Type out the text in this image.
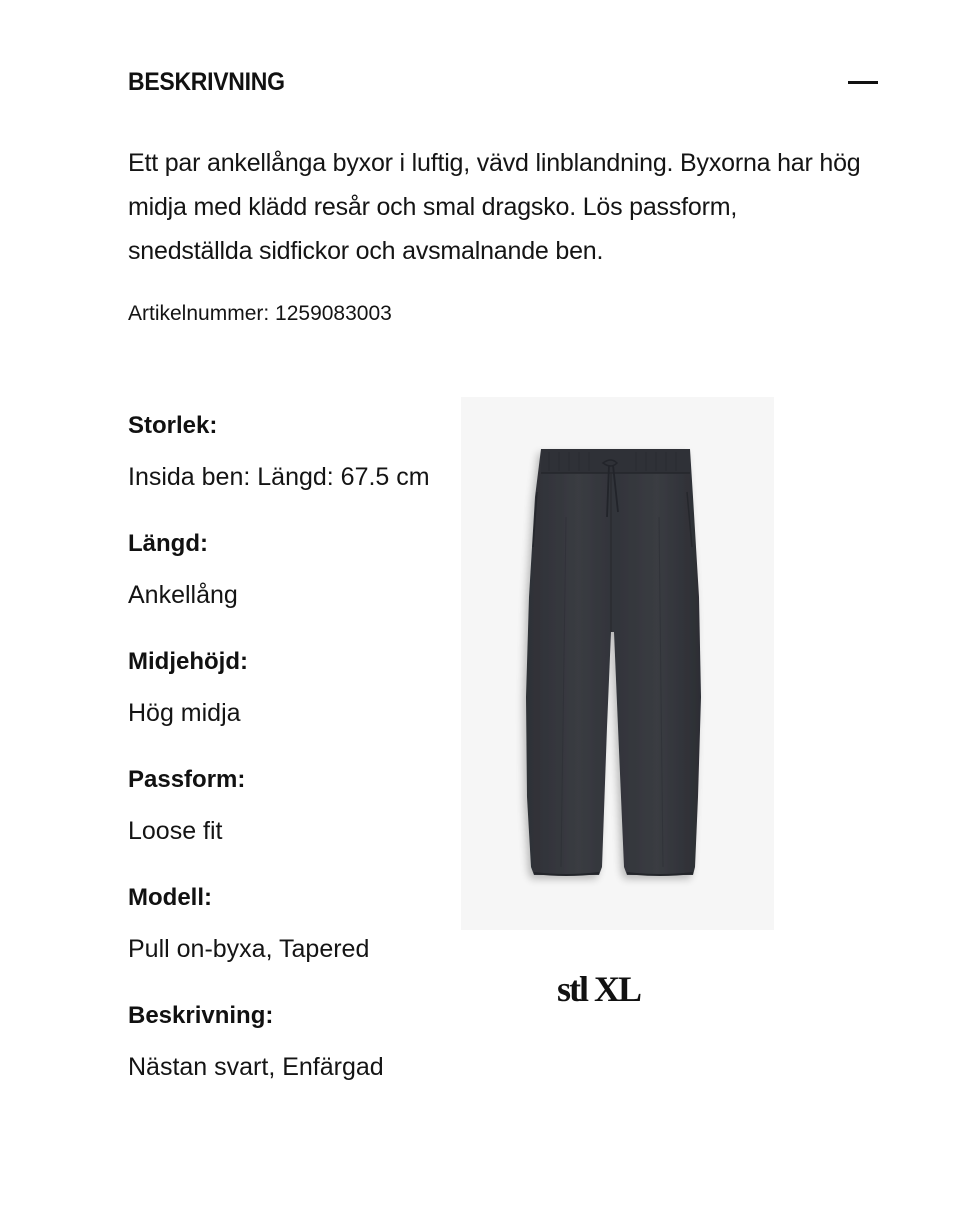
BESKRIVNING

Ett par ankellånga byxor i luftig, vävd linblandning. Byxorna har hög midja med klädd resår och smal dragsko. Lös passform, snedställda sidfickor och avsmalnande ben.

Artikelnummer: 1259083003
Storlek:
Insida ben: Längd: 67.5 cm
Längd:
Ankellång
Midjehöjd:
Hög midja
Passform:
Loose fit
Modell:
Pull on-byxa, Tapered
Beskrivning:
Nästan svart, Enfärgad
stl XL
